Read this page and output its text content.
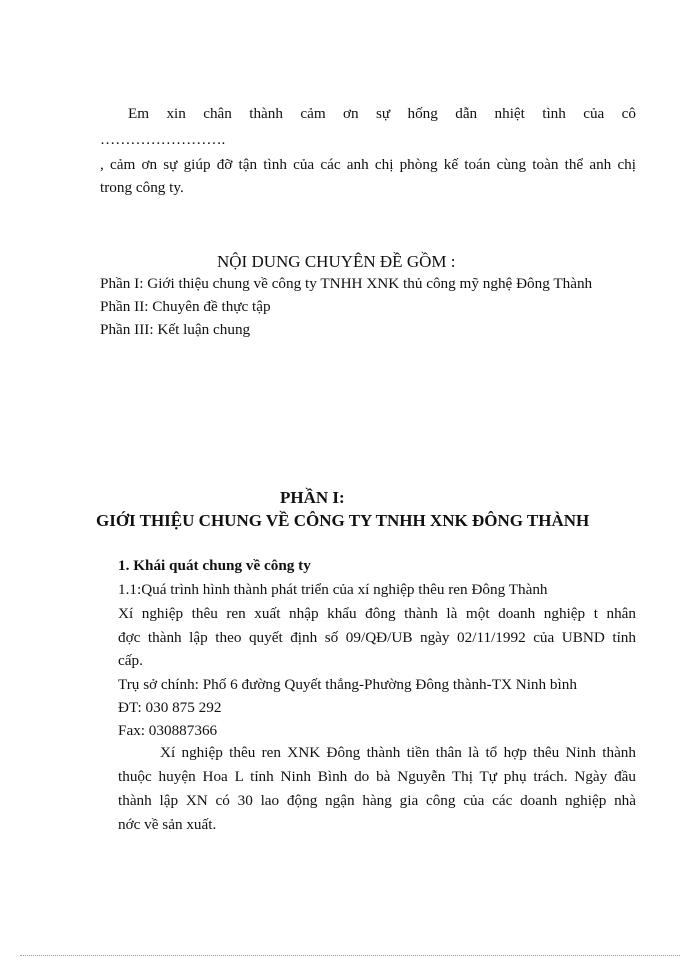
Em xin chân thành cảm ơn sự hống dẫn nhiệt tình của cô
…………………….
, cảm ơn sự giúp đỡ tận tình của các anh chị phòng kế toán cùng toàn thể anh chị
trong công ty.
NỘI DUNG CHUYÊN ĐỀ GỒM :
Phần I: Giới thiệu chung về công ty TNHH XNK thủ công mỹ nghệ Đông Thành
Phần II: Chuyên đề thực tập
Phần III: Kết luận chung
PHẦN I:
GIỚI THIỆU CHUNG VỀ CÔNG TY TNHH XNK ĐÔNG THÀNH
1. Khái quát chung về công ty
1.1:Quá trình hình thành phát triển của xí nghiệp thêu ren Đông Thành
Xí nghiệp thêu ren xuất nhập khẩu đông thành là một doanh nghiệp t nhân
đợc thành lập theo quyết định số 09/QĐ/UB ngày 02/11/1992 của UBND tỉnh
cấp.
Trụ sở chính: Phố 6 đường Quyết thắng-Phường Đông thành-TX Ninh bình
ĐT: 030 875 292
Fax: 030887366
Xí nghiệp thêu ren XNK Đông thành tiền thân là tổ hợp thêu Ninh thành
thuộc huyện Hoa L tỉnh Ninh Bình do bà Nguyễn Thị Tự phụ trách. Ngày đầu
thành lập XN có 30 lao động ngận hàng gia công của các doanh nghiệp nhà
nớc về sản xuất.
